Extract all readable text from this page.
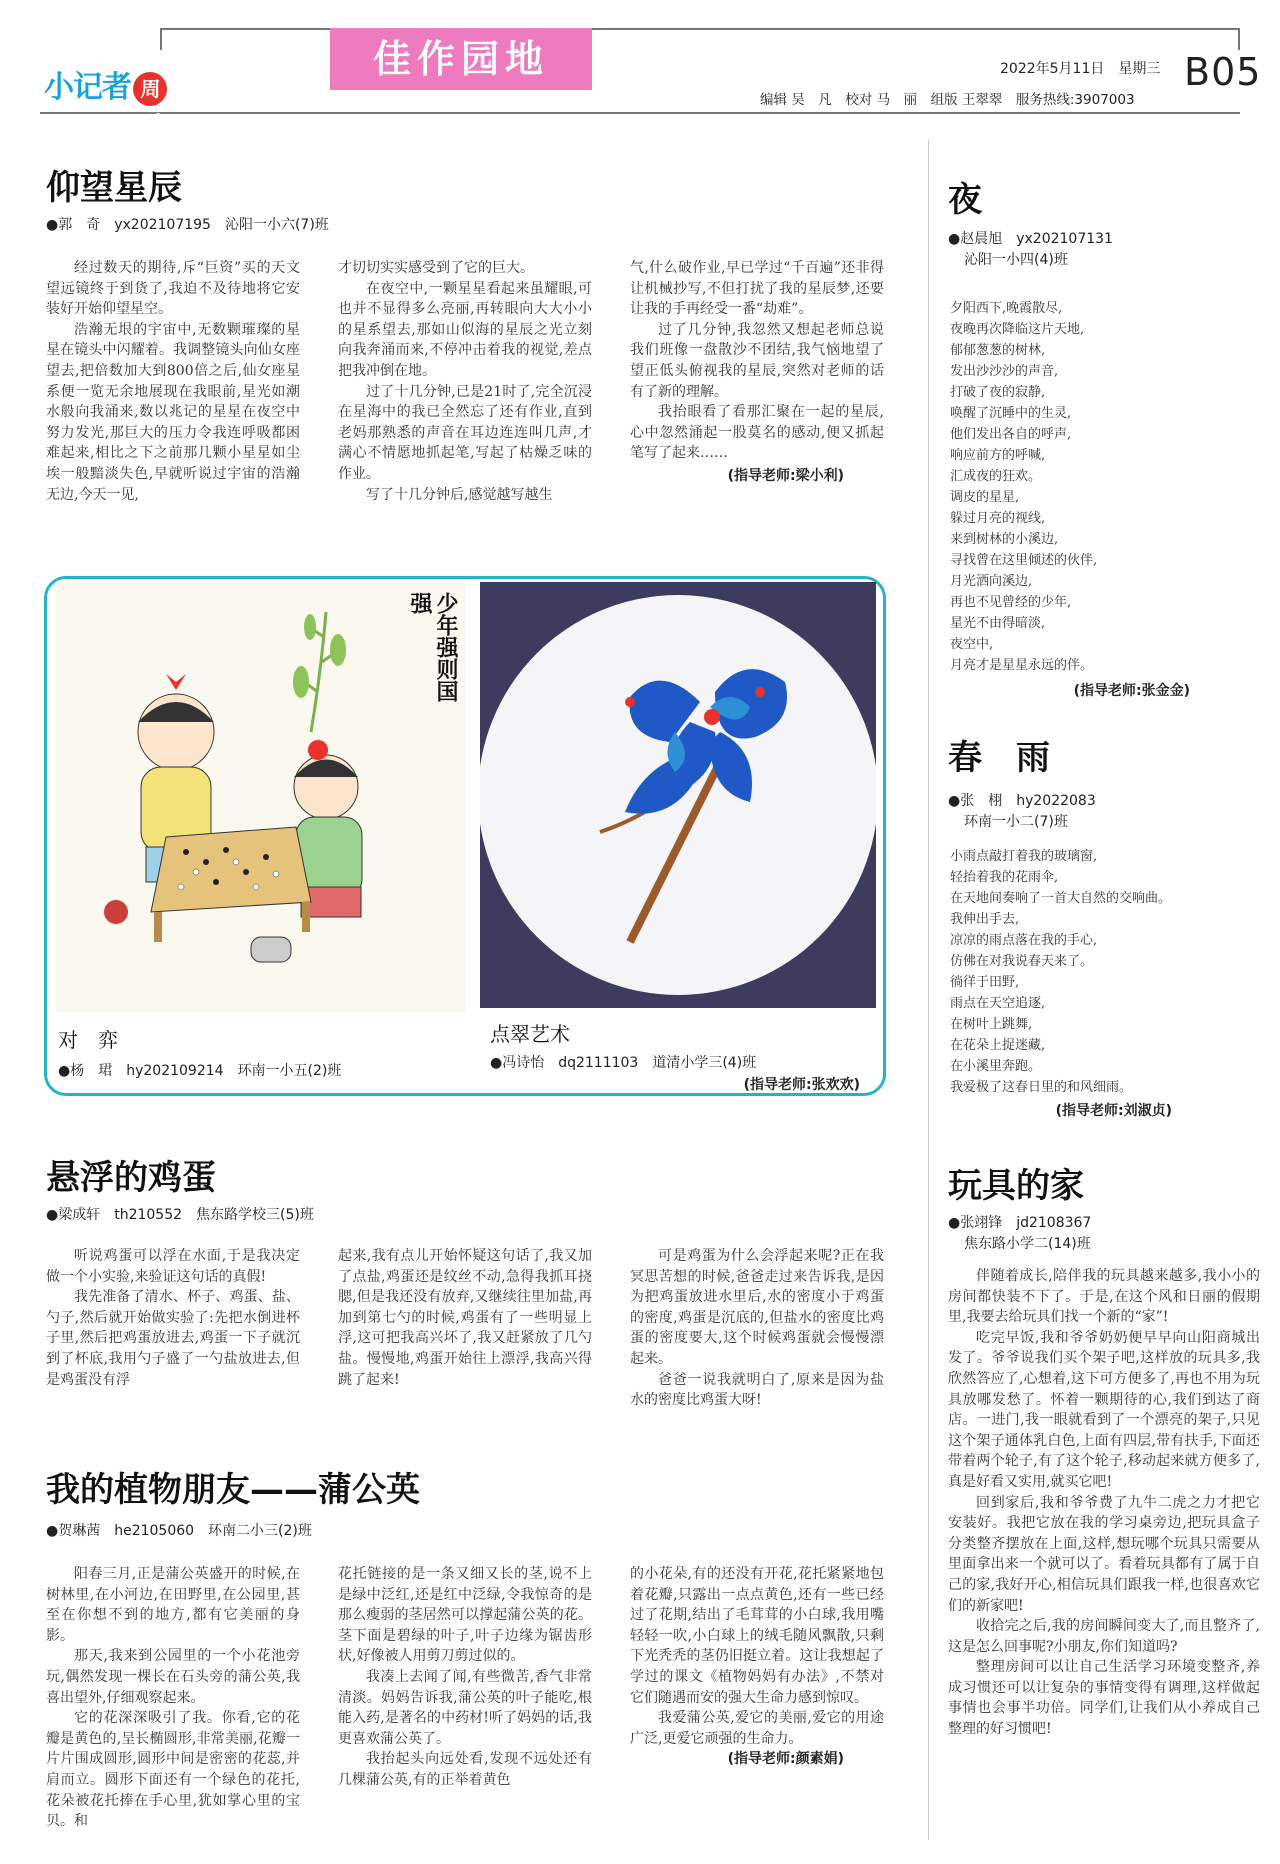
小记者 周刊
佳作园地	2022年5月11日　星期三 B05
编辑 吴　凡　校对 马　丽　组版 王翠翠　服务热线:3907003
仰望星辰
●郭　奇　yx202107195　沁阳一小六(7)班

经过数天的期待,斥“巨资”买的天文望远镜终于到货了,我迫不及待地将它安装好开始仰望星空。

浩瀚无垠的宇宙中,无数颗璀璨的星星在镜头中闪耀着。我调整镜头向仙女座望去,把倍数加大到800倍之后,仙女座星系便一览无余地展现在我眼前,星光如潮水般向我涌来,数以兆记的星星在夜空中努力发光,那巨大的压力令我连呼吸都困难起来,相比之下之前那几颗小星星如尘埃一般黯淡失色,早就听说过宇宙的浩瀚无边,今天一见,

才切切实实感受到了它的巨大。

在夜空中,一颗星星看起来虽耀眼,可也并不显得多么亮丽,再转眼向大大小小的星系望去,那如山似海的星辰之光立刻向我奔涌而来,不停冲击着我的视觉,差点把我冲倒在地。

过了十几分钟,已是21时了,完全沉浸在星海中的我已全然忘了还有作业,直到老妈那熟悉的声音在耳边连连叫几声,才满心不情愿地抓起笔,写起了枯燥乏味的作业。

写了十几分钟后,感觉越写越生

气,什么破作业,早已学过“千百遍”还非得让机械抄写,不但打扰了我的星辰梦,还要让我的手再经受一番“劫难”。

过了几分钟,我忽然又想起老师总说我们班像一盘散沙不团结,我气恼地望了望正低头俯视我的星辰,突然对老师的话有了新的理解。

我抬眼看了看那汇聚在一起的星辰,心中忽然涌起一股莫名的感动,便又抓起笔写了起来……

(指导老师:梁小利)
少年强则国强
对　弈
●杨　珺　hy202109214　环南一小五(2)班
点翠艺术
●冯诗怡　dq2111103　道清小学三(4)班
(指导老师:张欢欢)
悬浮的鸡蛋
●梁成轩　th210552　焦东路学校三(5)班

听说鸡蛋可以浮在水面,于是我决定做一个小实验,来验证这句话的真假!

我先准备了清水、杯子、鸡蛋、盐、勺子,然后就开始做实验了:先把水倒进杯子里,然后把鸡蛋放进去,鸡蛋一下子就沉到了杯底,我用勺子盛了一勺盐放进去,但是鸡蛋没有浮

起来,我有点儿开始怀疑这句话了,我又加了点盐,鸡蛋还是纹丝不动,急得我抓耳挠腮,但是我还没有放弃,又继续往里加盐,再加到第七勺的时候,鸡蛋有了一些明显上浮,这可把我高兴坏了,我又赶紧放了几勺盐。慢慢地,鸡蛋开始往上漂浮,我高兴得跳了起来!

可是鸡蛋为什么会浮起来呢?正在我冥思苦想的时候,爸爸走过来告诉我,是因为把鸡蛋放进水里后,水的密度小于鸡蛋的密度,鸡蛋是沉底的,但盐水的密度比鸡蛋的密度要大,这个时候鸡蛋就会慢慢漂起来。

爸爸一说我就明白了,原来是因为盐水的密度比鸡蛋大呀!

我的植物朋友——蒲公英
●贺琳茜　he2105060　环南二小三(2)班

阳春三月,正是蒲公英盛开的时候,在树林里,在小河边,在田野里,在公园里,甚至在你想不到的地方,都有它美丽的身影。

那天,我来到公园里的一个小花池旁玩,偶然发现一棵长在石头旁的蒲公英,我喜出望外,仔细观察起来。

它的花深深吸引了我。你看,它的花瓣是黄色的,呈长椭圆形,非常美丽,花瓣一片片围成圆形,圆形中间是密密的花蕊,并肩而立。圆形下面还有一个绿色的花托,花朵被花托捧在手心里,犹如掌心里的宝贝。和

花托链接的是一条又细又长的茎,说不上是绿中泛红,还是红中泛绿,令我惊奇的是那么瘦弱的茎居然可以撑起蒲公英的花。茎下面是碧绿的叶子,叶子边缘为锯齿形状,好像被人用剪刀剪过似的。

我凑上去闻了闻,有些微苦,香气非常清淡。妈妈告诉我,蒲公英的叶子能吃,根能入药,是著名的中药材!听了妈妈的话,我更喜欢蒲公英了。

我抬起头向远处看,发现不远处还有几棵蒲公英,有的正举着黄色

的小花朵,有的还没有开花,花托紧紧地包着花瓣,只露出一点点黄色,还有一些已经过了花期,结出了毛茸茸的小白球,我用嘴轻轻一吹,小白球上的绒毛随风飘散,只剩下光秃秃的茎仍旧挺立着。这让我想起了学过的课文《植物妈妈有办法》,不禁对它们随遇而安的强大生命力感到惊叹。

我爱蒲公英,爱它的美丽,爱它的用途广泛,更爱它顽强的生命力。

(指导老师:颜素娟)
夜
●赵晨旭　yx202107131
沁阳一小四(4)班
夕阳西下,晚霞散尽,
夜晚再次降临这片天地,
郁郁葱葱的树林,
发出沙沙沙的声音,
打破了夜的寂静,
唤醒了沉睡中的生灵,
他们发出各自的呼声,
响应前方的呼喊,
汇成夜的狂欢。
调皮的星星,
躲过月亮的视线,
来到树林的小溪边,
寻找曾在这里倾述的伙伴,
月光洒向溪边,
再也不见曾经的少年,
星光不由得暗淡,
夜空中,
月亮才是星星永远的伴。
(指导老师:张金金)
春　雨
●张　栩　hy2022083
环南一小二(7)班
小雨点敲打着我的玻璃窗,
轻抬着我的花雨伞,
在天地间奏响了一首大自然的交响曲。
我伸出手去,
凉凉的雨点落在我的手心,
仿佛在对我说春天来了。
徜徉于田野,
雨点在天空追逐,
在树叶上跳舞,
在花朵上捉迷藏,
在小溪里奔跑。
我爱极了这春日里的和风细雨。
(指导老师:刘淑贞)
玩具的家
●张翊锋　jd2108367
焦东路小学二(14)班

伴随着成长,陪伴我的玩具越来越多,我小小的房间都快装不下了。于是,在这个风和日丽的假期里,我要去给玩具们找一个新的“家”!

吃完早饭,我和爷爷奶奶便早早向山阳商城出发了。爷爷说我们买个架子吧,这样放的玩具多,我欣然答应了,心想着,这下可方便多了,再也不用为玩具放哪发愁了。怀着一颗期待的心,我们到达了商店。一进门,我一眼就看到了一个漂亮的架子,只见这个架子通体乳白色,上面有四层,带有扶手,下面还带着两个轮子,有了这个轮子,移动起来就方便多了,真是好看又实用,就买它吧!

回到家后,我和爷爷费了九牛二虎之力才把它安装好。我把它放在我的学习桌旁边,把玩具盒子分类整齐摆放在上面,这样,想玩哪个玩具只需要从里面拿出来一个就可以了。看着玩具都有了属于自己的家,我好开心,相信玩具们跟我一样,也很喜欢它们的新家吧!

收拾完之后,我的房间瞬间变大了,而且整齐了,这是怎么回事呢?小朋友,你们知道吗?

整理房间可以让自己生活学习环境变整齐,养成习惯还可以让复杂的事情变得有调理,这样做起事情也会事半功倍。同学们,让我们从小养成自己整理的好习惯吧!
